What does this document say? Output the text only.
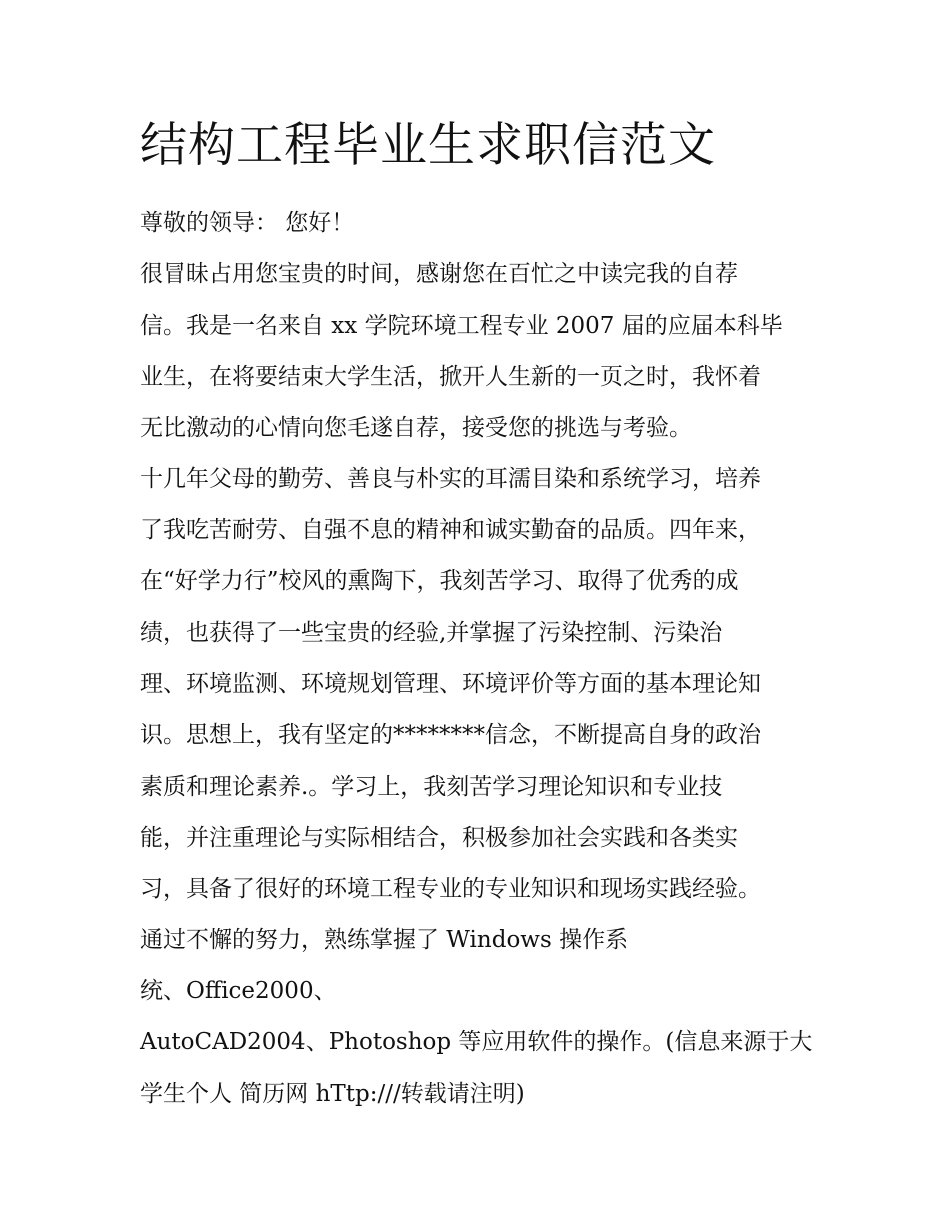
结构工程毕业生求职信范文

尊敬的领导： 您好！

很冒昧占用您宝贵的时间，感谢您在百忙之中读完我的自荐

信。我是一名来自 xx 学院环境工程专业 2007 届的应届本科毕

业生，在将要结束大学生活，掀开人生新的一页之时，我怀着

无比激动的心情向您毛遂自荐，接受您的挑选与考验。

十几年父母的勤劳、善良与朴实的耳濡目染和系统学习，培养

了我吃苦耐劳、自强不息的精神和诚实勤奋的品质。四年来，

在“好学力行”校风的熏陶下，我刻苦学习、取得了优秀的成

绩，也获得了一些宝贵的经验,并掌握了污染控制、污染治

理、环境监测、环境规划管理、环境评价等方面的基本理论知

识。思想上，我有坚定的********信念，不断提高自身的政治

素质和理论素养.。学习上，我刻苦学习理论知识和专业技

能，并注重理论与实际相结合，积极参加社会实践和各类实

习，具备了很好的环境工程专业的专业知识和现场实践经验。

通过不懈的努力，熟练掌握了 Windows 操作系

统、Office2000、

AutoCAD2004、Photoshop 等应用软件的操作。(信息来源于大

学生个人 简历网 hTtp:///转载请注明)
